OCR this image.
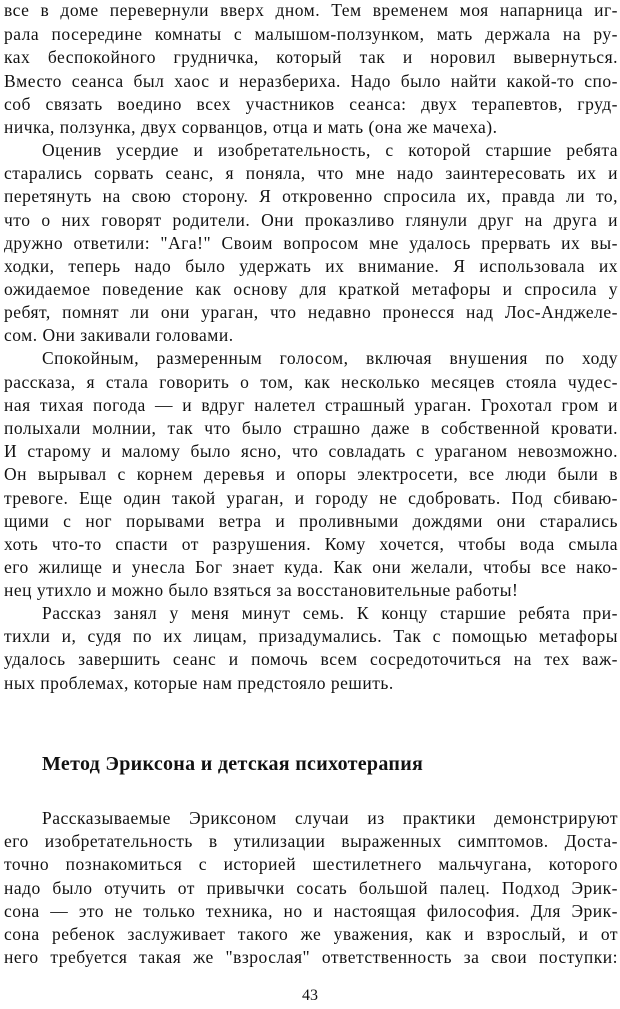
все в доме перевернули вверх дном. Тем временем моя напарница иг-
рала посередине комнаты с малышом-ползунком, мать держала на ру-
ках беспокойного грудничка, который так и норовил вывернуться.
Вместо сеанса был хаос и неразбериха. Надо было найти какой-то спо-
соб связать воедино всех участников сеанса: двух терапевтов, груд-
ничка, ползунка, двух сорванцов, отца и мать (она же мачеха).
Оценив усердие и изобретательность, с которой старшие ребята
старались сорвать сеанс, я поняла, что мне надо заинтересовать их и
перетянуть на свою сторону. Я откровенно спросила их, правда ли то,
что о них говорят родители. Они проказливо глянули друг на друга и
дружно ответили: "Ага!" Своим вопросом мне удалось прервать их вы-
ходки, теперь надо было удержать их внимание. Я использовала их
ожидаемое поведение как основу для краткой метафоры и спросила у
ребят, помнят ли они ураган, что недавно пронесся над Лос-Анджеле-
сом. Они закивали головами.
Спокойным, размеренным голосом, включая внушения по ходу
рассказа, я стала говорить о том, как несколько месяцев стояла чудес-
ная тихая погода — и вдруг налетел страшный ураган. Грохотал гром и
полыхали молнии, так что было страшно даже в собственной кровати.
И старому и малому было ясно, что совладать с ураганом невозможно.
Он вырывал с корнем деревья и опоры электросети, все люди были в
тревоге. Еще один такой ураган, и городу не сдобровать. Под сбиваю-
щими с ног порывами ветра и проливными дождями они старались
хоть что-то спасти от разрушения. Кому хочется, чтобы вода смыла
его жилище и унесла Бог знает куда. Как они желали, чтобы все нако-
нец утихло и можно было взяться за восстановительные работы!
Рассказ занял у меня минут семь. К концу старшие ребята при-
тихли и, судя по их лицам, призадумались. Так с помощью метафоры
удалось завершить сеанс и помочь всем сосредоточиться на тех важ-
ных проблемах, которые нам предстояло решить.
Метод Эриксона и детская психотерапия
Рассказываемые Эриксоном случаи из практики демонстрируют
его изобретательность в утилизации выраженных симптомов. Доста-
точно познакомиться с историей шестилетнего мальчугана, которого
надо было отучить от привычки сосать большой палец. Подход Эрик-
сона — это не только техника, но и настоящая философия. Для Эрик-
сона ребенок заслуживает такого же уважения, как и взрослый, и от
него требуется такая же "взрослая" ответственность за свои поступки:
43
